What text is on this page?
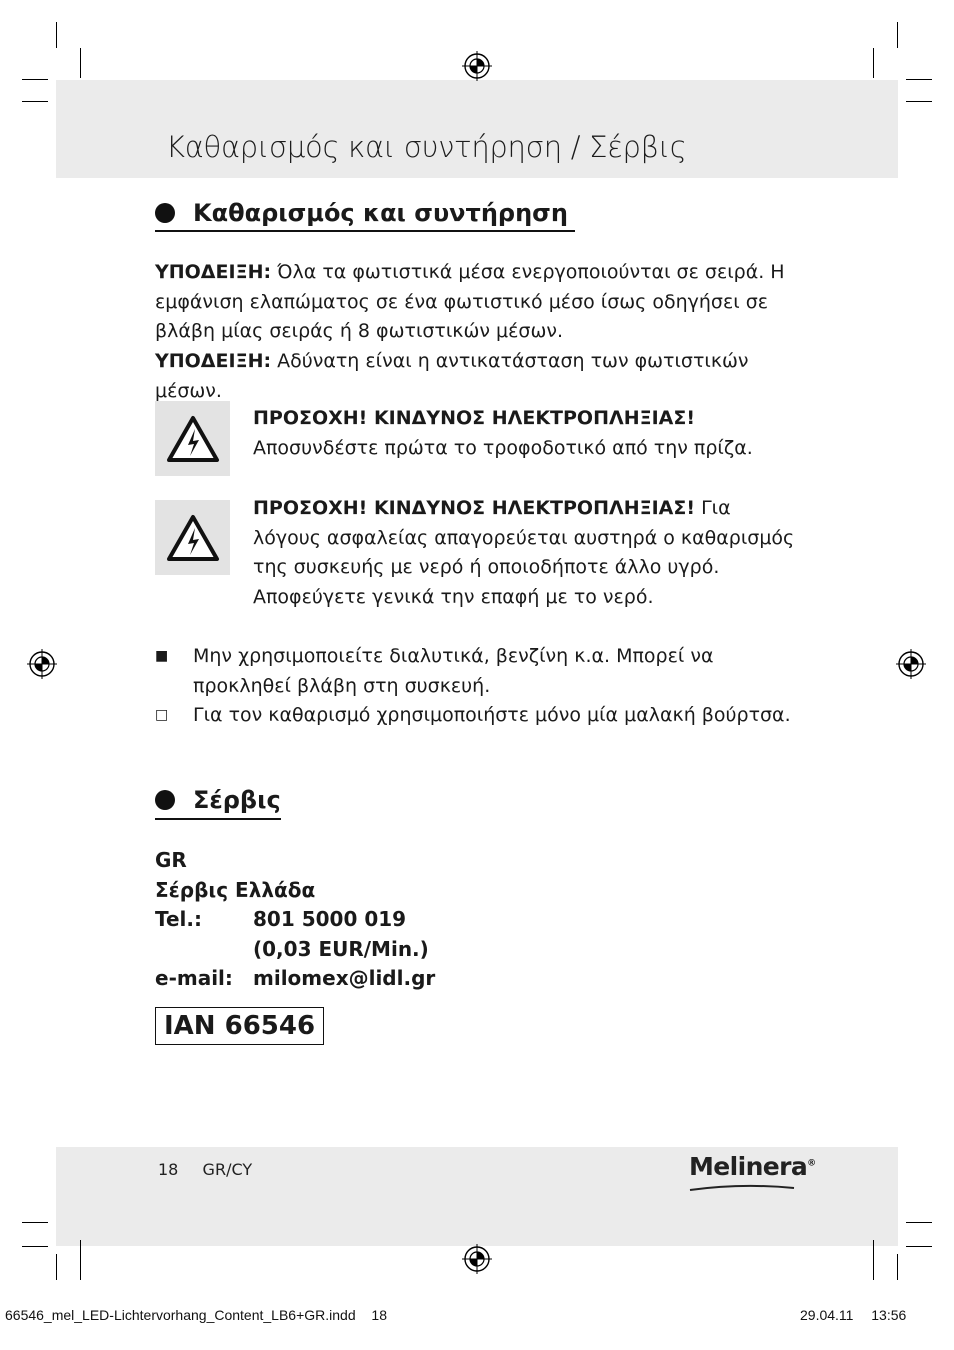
Καθαρισμός και συντήρηση / Σέρβις
Καθαρισμός και συντήρηση
ΥΠΟΔΕΙΞΗ: Όλα τα φωτιστικά μέσα ενεργοποιούνται σε σειρά. Η εμφάνιση ελαπώματος σε ένα φωτιστικό μέσο ίσως οδηγήσει σε βλάβη μίας σειράς ή 8 φωτιστικών μέσων.
ΥΠΟΔΕΙΞΗ: Αδύνατη είναι η αντικατάσταση των φωτιστικών μέσων.
ΠΡΟΣΟΧΗ! ΚΙΝΔΥΝΟΣ ΗΛΕΚΤΡΟΠΛΗΞΙΑΣ!
Αποσυνδέστε πρώτα το τροφοδοτικό από την πρίζα.
ΠΡΟΣΟΧΗ! ΚΙΝΔΥΝΟΣ ΗΛΕΚΤΡΟΠΛΗΞΙΑΣ! Για λόγους ασφαλείας απαγορεύεται αυστηρά ο καθαρισμός της συσκευής με νερό ή οποιοδήποτε άλλο υγρό. Αποφεύγετε γενικά την επαφή με το νερό.
■	Μην χρησιμοποιείτε διαλυτικά, βενζίνη κ.α. Μπορεί να προκληθεί βλάβη στη συσκευή.
□	Για τον καθαρισμό χρησιμοποιήστε μόνο μία μαλακή βούρτσα.
Σέρβις
GR
Σέρβις Ελλάδα
Tel.:	801 5000 019
(0,03 EUR/Min.)
e-mail:	milomex@lidl.gr
IAN 66546
18 GR/CY	Melinera®
66546_mel_LED-Lichtervorhang_Content_LB6+GR.indd 18	29.04.11 13:56
